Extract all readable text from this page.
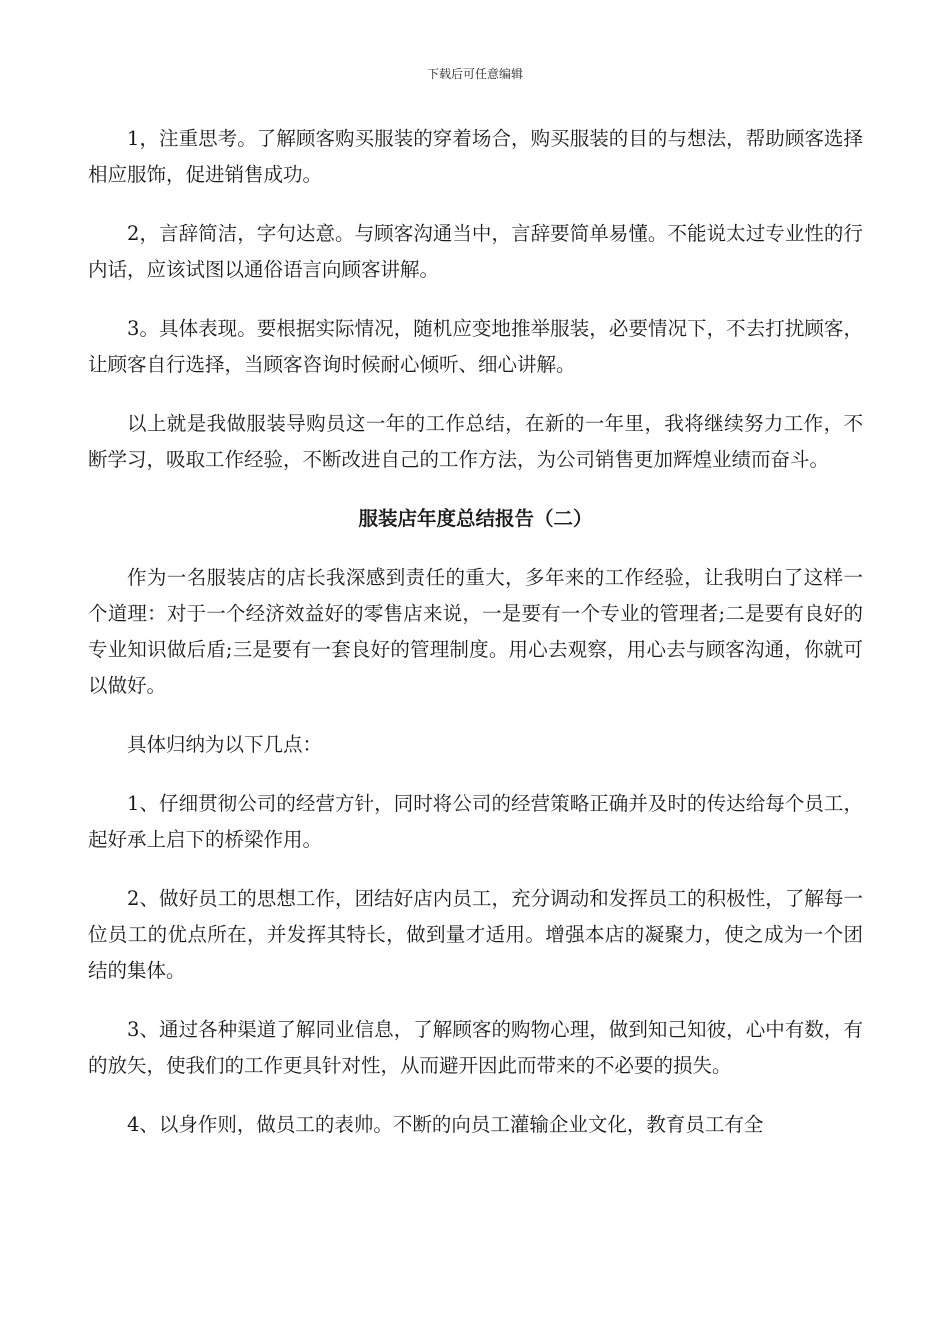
下载后可任意编辑

1，注重思考。了解顾客购买服装的穿着场合，购买服装的目的与想法，帮助顾客选择相应服饰，促进销售成功。

2，言辞简洁，字句达意。与顾客沟通当中，言辞要简单易懂。不能说太过专业性的行内话，应该试图以通俗语言向顾客讲解。

3。具体表现。要根据实际情况，随机应变地推举服装，必要情况下，不去打扰顾客，让顾客自行选择，当顾客咨询时候耐心倾听、细心讲解。

以上就是我做服装导购员这一年的工作总结，在新的一年里，我将继续努力工作，不断学习，吸取工作经验，不断改进自己的工作方法，为公司销售更加辉煌业绩而奋斗。

服装店年度总结报告（二）

作为一名服装店的店长我深感到责任的重大，多年来的工作经验，让我明白了这样一个道理：对于一个经济效益好的零售店来说，一是要有一个专业的管理者;二是要有良好的专业知识做后盾;三是要有一套良好的管理制度。用心去观察，用心去与顾客沟通，你就可以做好。

具体归纳为以下几点：

1、仔细贯彻公司的经营方针，同时将公司的经营策略正确并及时的传达给每个员工，起好承上启下的桥梁作用。

2、做好员工的思想工作，团结好店内员工，充分调动和发挥员工的积极性，了解每一位员工的优点所在，并发挥其特长，做到量才适用。增强本店的凝聚力，使之成为一个团结的集体。

3、通过各种渠道了解同业信息，了解顾客的购物心理，做到知己知彼，心中有数，有的放矢，使我们的工作更具针对性，从而避开因此而带来的不必要的损失。

4、以身作则，做员工的表帅。不断的向员工灌输企业文化，教育员工有全
